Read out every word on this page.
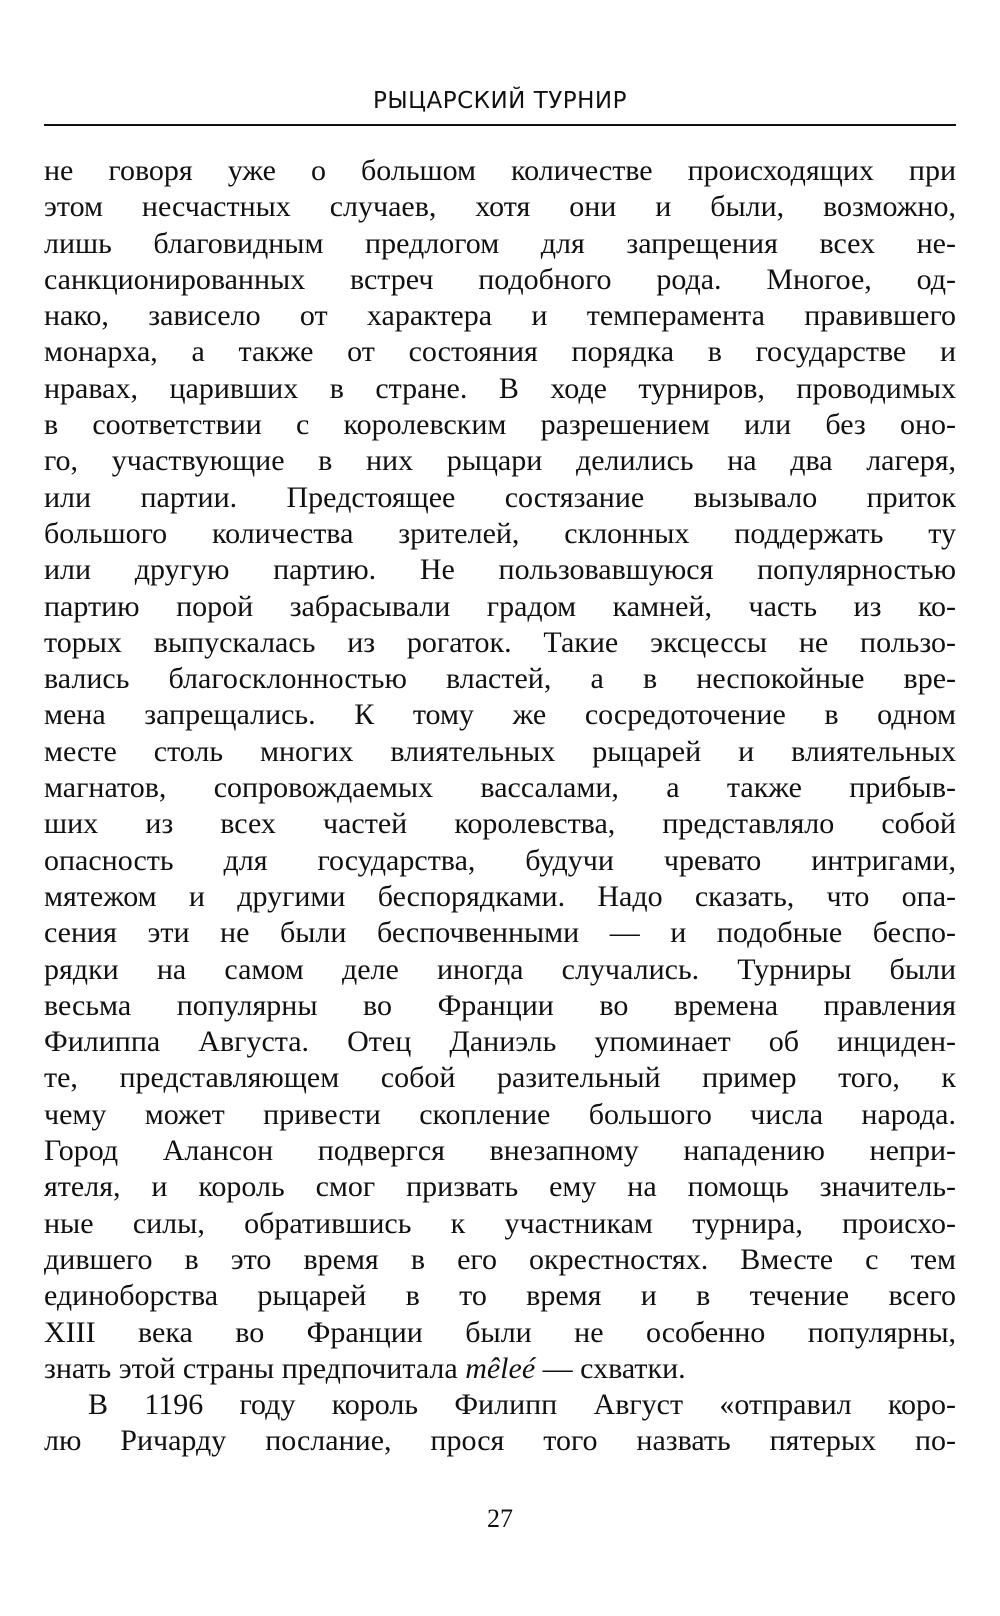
РЫЦАРСКИЙ ТУРНИР
не говоря уже о большом количестве происходящих при
этом несчастных случаев, хотя они и были, возможно,
лишь благовидным предлогом для запрещения всех не-
санкционированных встреч подобного рода. Многое, од-
нако, зависело от характера и темперамента правившего
монарха, а также от состояния порядка в государстве и
нравах, царивших в стране. В ходе турниров, проводимых
в соответствии с королевским разрешением или без оно-
го, участвующие в них рыцари делились на два лагеря,
или партии. Предстоящее состязание вызывало приток
большого количества зрителей, склонных поддержать ту
или другую партию. Не пользовавшуюся популярностью
партию порой забрасывали градом камней, часть из ко-
торых выпускалась из рогаток. Такие эксцессы не пользо-
вались благосклонностью властей, а в неспокойные вре-
мена запрещались. К тому же сосредоточение в одном
месте столь многих влиятельных рыцарей и влиятельных
магнатов, сопровождаемых вассалами, а также прибыв-
ших из всех частей королевства, представляло собой
опасность для государства, будучи чревато интригами,
мятежом и другими беспорядками. Надо сказать, что опа-
сения эти не были беспочвенными — и подобные беспо-
рядки на самом деле иногда случались. Турниры были
весьма популярны во Франции во времена правления
Филиппа Августа. Отец Даниэль упоминает об инциден-
те, представляющем собой разительный пример того, к
чему может привести скопление большого числа народа.
Город Алансон подвергся внезапному нападению непри-
ятеля, и король смог призвать ему на помощь значитель-
ные силы, обратившись к участникам турнира, происхо-
дившего в это время в его окрестностях. Вместе с тем
единоборства рыцарей в то время и в течение всего
XIII века во Франции были не особенно популярны,
знать этой страны предпочитала mêleé — схватки.
В 1196 году король Филипп Август «отправил коро-
лю Ричарду послание, прося того назвать пятерых по-
27
